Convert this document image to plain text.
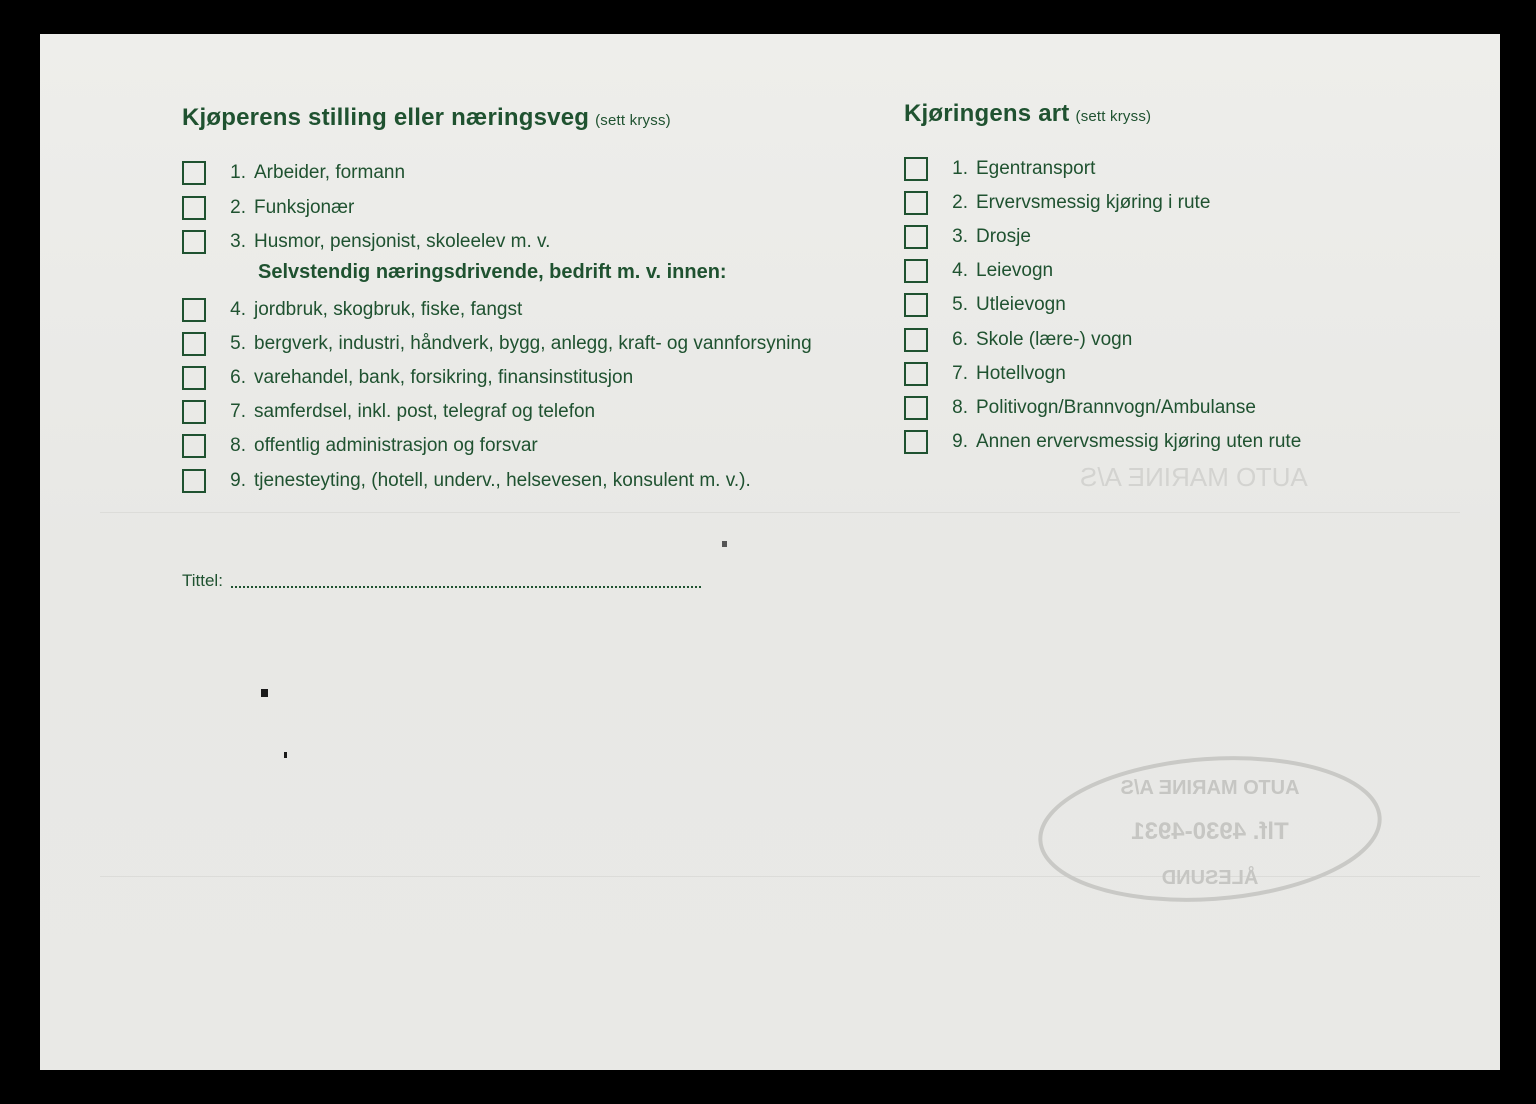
AUTO MARINE A/S
Kjøperens stilling eller næringsveg (sett kryss)
1. Arbeider, formann
2. Funksjonær
3. Husmor, pensjonist, skoleelev m. v.
Selvstendig næringsdrivende, bedrift m. v. innen:
4. jordbruk, skogbruk, fiske, fangst
5. bergverk, industri, håndverk, bygg, anlegg, kraft- og vannforsyning
6. varehandel, bank, forsikring, finansinstitusjon
7. samferdsel, inkl. post, telegraf og telefon
8. offentlig administrasjon og forsvar
9. tjenesteyting, (hotell, underv., helsevesen, konsulent m. v.).
Tittel:
Kjøringens art (sett kryss)
1. Egentransport
2. Ervervsmessig kjøring i rute
3. Drosje
4. Leievogn
5. Utleievogn
6. Skole (lære-) vogn
7. Hotellvogn
8. Politivogn/Brannvogn/Ambulanse
9. Annen ervervsmessig kjøring uten rute
AUTO MARINE A/S
Tlf. 4930-4931
ÅLESUND
